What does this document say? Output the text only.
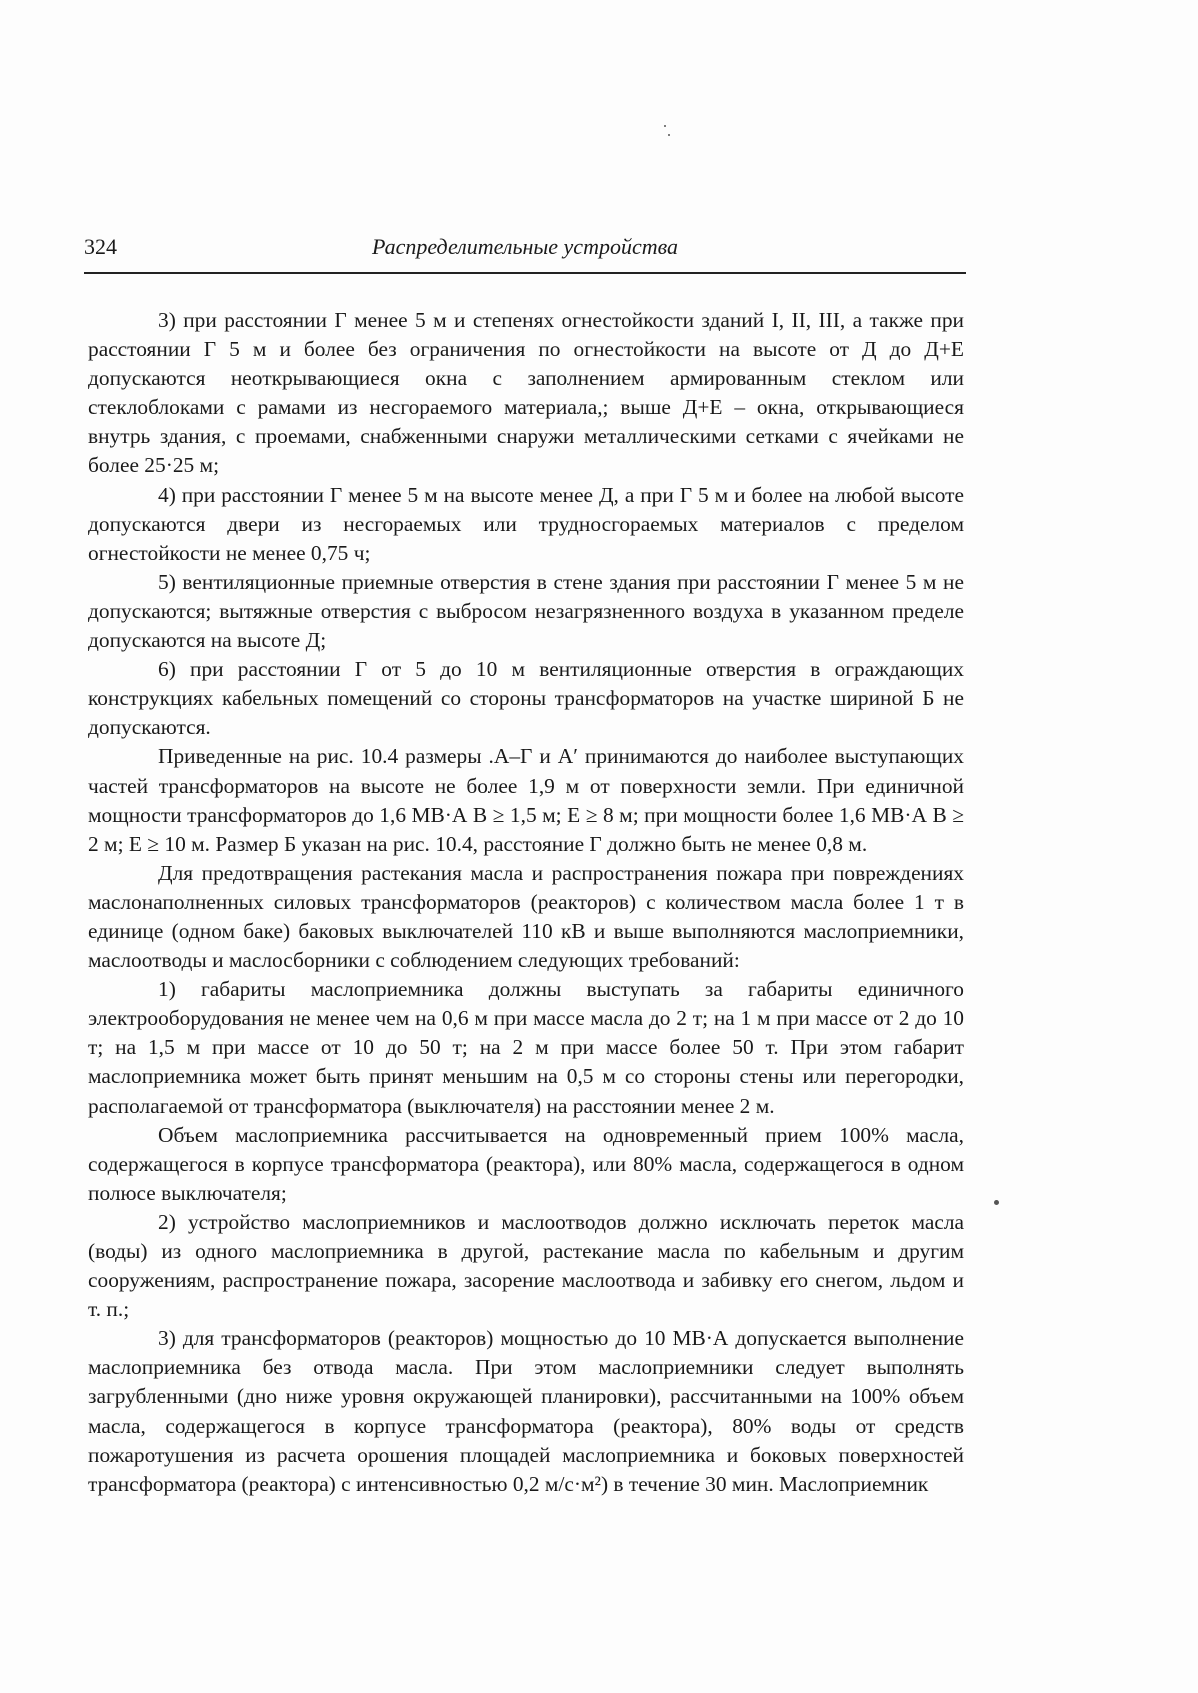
324	Распределительные устройства

3) при расстоянии Г менее 5 м и степенях огнестойкости зданий I, II, III, а также при расстоянии Г 5 м и более без ограничения по огнестойкости на высоте от Д до Д+Е допускаются неоткрывающиеся окна с заполнением армированным стеклом или стеклоблоками с рамами из несгораемого материала,; выше Д+Е – окна, открывающиеся внутрь здания, с проемами, снабженными снаружи металлическими сетками с ячейками не более 25·25 м;

4) при расстоянии Г менее 5 м на высоте менее Д, а при Г 5 м и более на любой высоте допускаются двери из несгораемых или трудносгораемых материалов с пределом огнестойкости не менее 0,75 ч;

5) вентиляционные приемные отверстия в стене здания при расстоянии Г менее 5 м не допускаются; вытяжные отверстия с выбросом незагрязненного воздуха в указанном пределе допускаются на высоте Д;

6) при расстоянии Г от 5 до 10 м вентиляционные отверстия в ограждающих конструкциях кабельных помещений со стороны трансформаторов на участке шириной Б не допускаются.

Приведенные на рис. 10.4 размеры .А–Г и А′ принимаются до наиболее выступающих частей трансформаторов на высоте не более 1,9 м от поверхности земли. При единичной мощности трансформаторов до 1,6 МВ·А В ≥ 1,5 м; Е ≥ 8 м; при мощности более 1,6 МВ·А В ≥ 2 м; Е ≥ 10 м. Размер Б указан на рис. 10.4, расстояние Г должно быть не менее 0,8 м.

Для предотвращения растекания масла и распространения пожара при повреждениях маслонаполненных силовых трансформаторов (реакторов) с количеством масла более 1 т в единице (одном баке) баковых выключателей 110 кВ и выше выполняются маслоприемники, маслоотводы и маслосборники с соблюдением следующих требований:

1) габариты маслоприемника должны выступать за габариты единичного электрооборудования не менее чем на 0,6 м при массе масла до 2 т; на 1 м при массе от 2 до 10 т; на 1,5 м при массе от 10 до 50 т; на 2 м при массе более 50 т. При этом габарит маслоприемника может быть принят меньшим на 0,5 м со стороны стены или перегородки, располагаемой от трансформатора (выключателя) на расстоянии менее 2 м.

Объем маслоприемника рассчитывается на одновременный прием 100% масла, содержащегося в корпусе трансформатора (реактора), или 80% масла, содержащегося в одном полюсе выключателя;

2) устройство маслоприемников и маслоотводов должно исключать переток масла (воды) из одного маслоприемника в другой, растекание масла по кабельным и другим сооружениям, распространение пожара, засорение маслоотвода и забивку его снегом, льдом и т. п.;

3) для трансформаторов (реакторов) мощностью до 10 МВ·А допускается выполнение маслоприемника без отвода масла. При этом маслоприемники следует выполнять загрубленными (дно ниже уровня окружающей планировки), рассчитанными на 100% объем масла, содержащегося в корпусе трансформатора (реактора), 80% воды от средств пожаротушения из расчета орошения площадей маслоприемника и боковых поверхностей трансформатора (реактора) с интенсивностью 0,2 м/с·м²) в течение 30 мин. Маслоприемник
